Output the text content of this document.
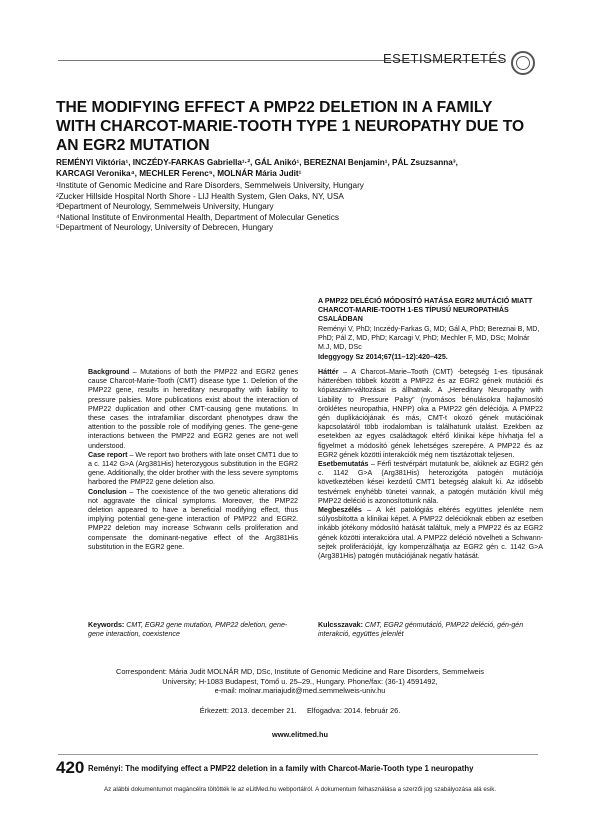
ESETISMERTETÉS
THE MODIFYING EFFECT A PMP22 DELETION IN A FAMILY WITH CHARCOT-MARIE-TOOTH TYPE 1 NEUROPATHY DUE TO AN EGR2 MUTATION
REMÉNYI Viktória¹, INCZÉDY-FARKAS Gabriella¹·², GÁL Anikó¹, BEREZNAI Benjamin¹, PÁL Zsuzsanna³,
KARCAGI Veronika⁴, MECHLER Ferenc⁵, MOLNÁR Mária Judit¹
¹Institute of Genomic Medicine and Rare Disorders, Semmelweis University, Hungary
²Zucker Hillside Hospital North Shore - LIJ Health System, Glen Oaks, NY, USA
³Department of Neurology, Semmelweis University, Hungary
⁴National Institute of Environmental Health, Department of Molecular Genetics
⁵Department of Neurology, University of Debrecen, Hungary
A PMP22 DELÉCIÓ MÓDOSÍTÓ HATÁSA EGR2 MUTÁCIÓ MIATT CHARCOT-MARIE-TOOTH 1-ES TÍPUSÚ NEUROPATHIÁS CSALÁDBAN
Reményi V, PhD; Inczédy-Farkas G, MD; Gál A, PhD; Bereznai B, MD, PhD; Pál Z, MD, PhD; Karcagi V, PhD; Mechler F, MD, DSc; Molnár M.J, MD, DSc
Ideggyogy Sz 2014;67(11–12):420–425.

Background – Mutations of both the PMP22 and EGR2 genes cause Charcot-Marie-Tooth (CMT) disease type 1. Deletion of the PMP22 gene, results in hereditary neuropathy with liability to pressure palsies. More publications exist about the interaction of PMP22 duplication and other CMT-causing gene mutations. In these cases the intrafamiliar discordant phenotypes draw the attention to the possible role of modifying genes. The gene-gene interactions between the PMP22 and EGR2 genes are not well understood.

Case report – We report two brothers with late onset CMT1 due to a c. 1142 G>A (Arg381His) heterozygous substitution in the EGR2 gene. Additionally, the older brother with the less severe symptoms harbored the PMP22 gene deletion also.

Conclusion – The coexistence of the two genetic alterations did not aggravate the clinical symptoms. Moreover, the PMP22 deletion appeared to have a beneficial modifying effect, thus implying potential gene-gene interaction of PMP22 and EGR2. PMP22 deletion may increase Schwann cells proliferation and compensate the dominant-negative effect of the Arg381His substitution in the EGR2 gene.

Háttér – A Charcot–Marie–Tooth (CMT) -betegség 1-es típusának hátterében többek között a PMP22 és az EGR2 gének mutációi és kópiaszám-változásai is állhatnak. A „Hereditary Neuropathy with Liability to Pressure Palsy” (nyomásos bénulásokra hajlamosító öröklétes neuropathia, HNPP) oka a PMP22 gén deléciója. A PMP22 gén duplikációjának és más, CMT-t okozó gének mutációinak kapcsolatáról több irodalomban is találhatunk utalást. Ezekben az esetekben az egyes családtagok eltérő klinikai képe hívhatja fel a figyelmet a módosító gének lehetséges szerepére. A PMP22 és az EGR2 gének közötti interakciók még nem tisztázottak teljesen.

Esetbemutatás – Férfi testvérpárt mutatunk be, akiknek az EGR2 gén c. 1142 G>A (Arg381His) heterozigóta patogén mutációja következtében kései kezdetű CMT1 betegség alakult ki. Az idősebb testvérnek enyhébb tünetei vannak, a patogén mutáción kívül még PMP22 deléció is azonosítottunk nála.

Megbeszélés – A két patológiás eltérés együttes jelenléte nem súlyosbította a klinikai képet. A PMP22 delécióknak ebben az esetben inkább jótékony módosító hatását találtuk, mely a PMP22 és az EGR2 gének közötti interakcióra utal. A PMP22 deléció növelheti a Schwann-sejtek proliferációját, így kompenzálhatja az EGR2 gén c. 1142 G>A (Arg381His) patogén mutációjának negatív hatását.

Keywords: CMT, EGR2 gene mutation, PMP22 deletion, gene-gene interaction, coexistence
Kulcsszavak: CMT, EGR2 génmutáció, PMP22 deléció, gén-gén interakció, együttes jelenlét
Correspondent: Mária Judit MOLNÁR MD, DSc, Institute of Genomic Medicine and Rare Disorders, Semmelweis
University; H-1083 Budapest, Tömő u. 25–29., Hungary. Phone/fax: (36-1) 4591492,
e-mail: molnar.mariajudit@med.semmelweis-univ.hu
Érkezett: 2013. december 21.     Elfogadva: 2014. február 26.
www.elitmed.hu
420 Reményi: The modifying effect a PMP22 deletion in a family with Charcot-Marie-Tooth type 1 neuropathy
Az alábbi dokumentumot magáncélra töltötték le az eLitMed.hu webportálról. A dokumentum felhasználása a szerzői jog szabályozása alá esik.
